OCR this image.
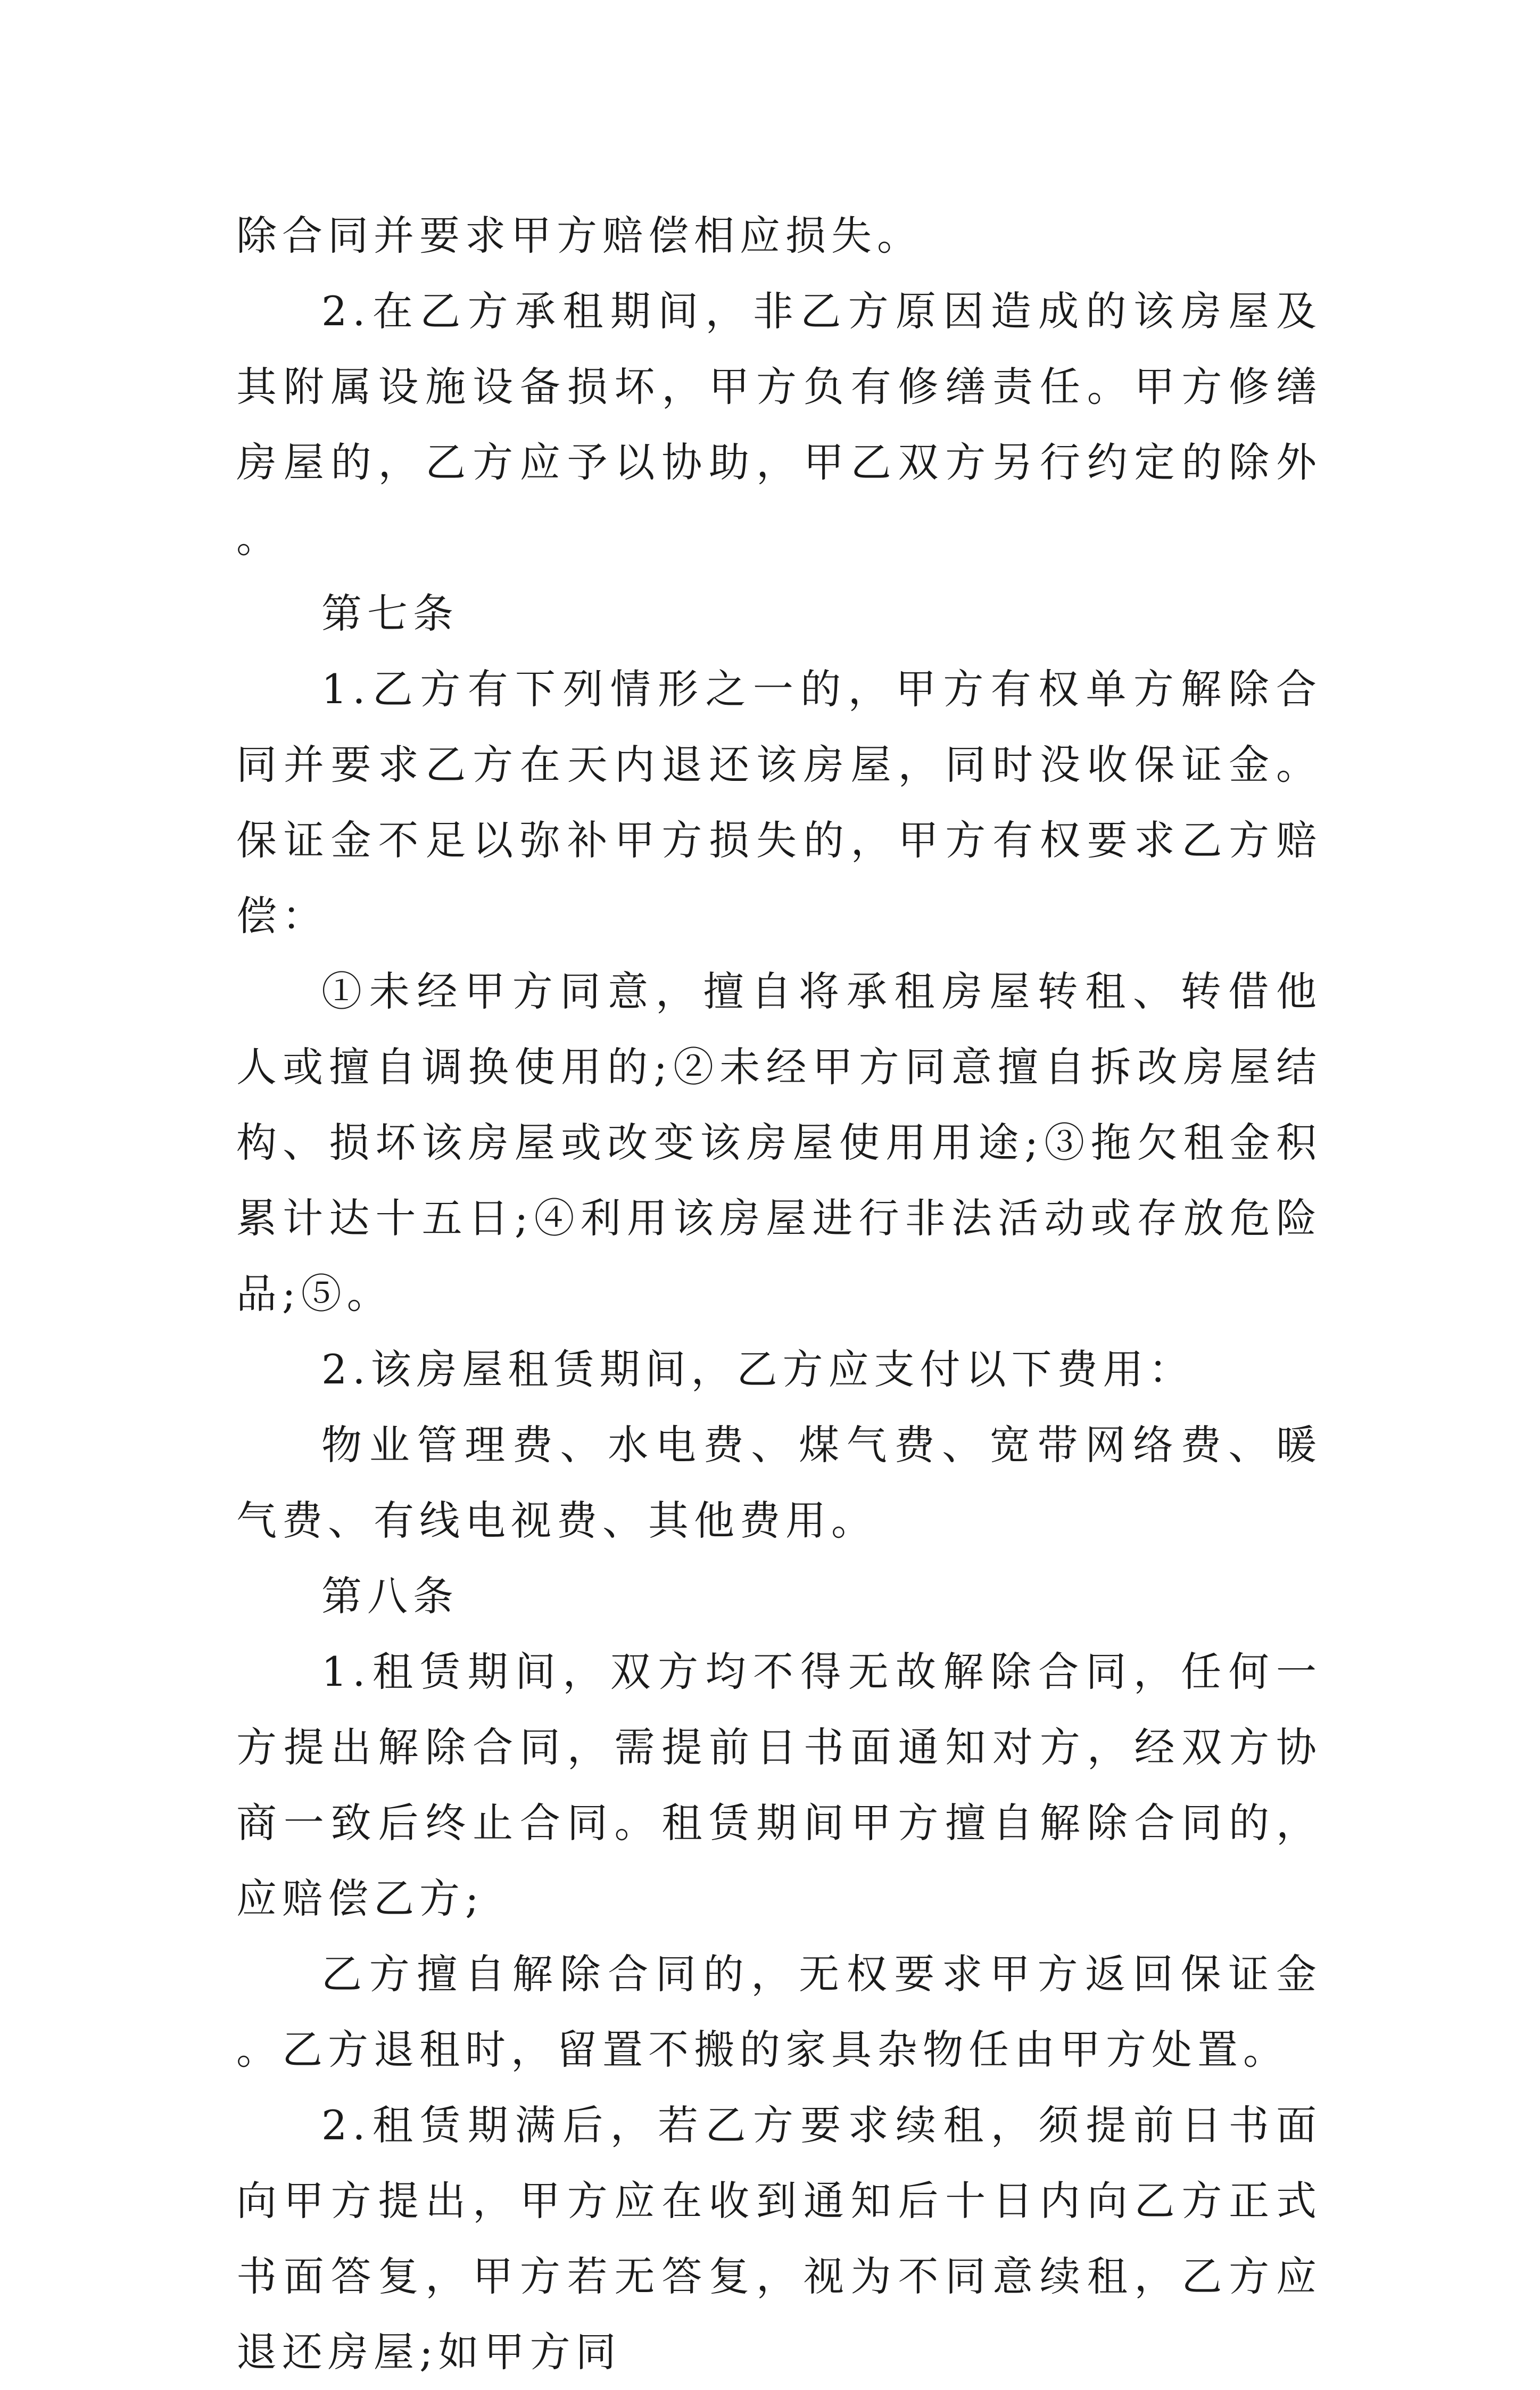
除合同并要求甲方赔偿相应损失。

2.在乙方承租期间，非乙方原因造成的该房屋及其附属设施设备损坏，甲方负有修缮责任。甲方修缮房屋的，乙方应予以协助，甲乙双方另行约定的除外。

第七条

1.乙方有下列情形之一的，甲方有权单方解除合同并要求乙方在天内退还该房屋，同时没收保证金。保证金不足以弥补甲方损失的，甲方有权要求乙方赔偿：

①未经甲方同意，擅自将承租房屋转租、转借他人或擅自调换使用的;②未经甲方同意擅自拆改房屋结构、损坏该房屋或改变该房屋使用用途;③拖欠租金积累计达十五日;④利用该房屋进行非法活动或存放危险品;⑤。

2.该房屋租赁期间，乙方应支付以下费用：

物业管理费、水电费、煤气费、宽带网络费、暖气费、有线电视费、其他费用。

第八条

1.租赁期间，双方均不得无故解除合同，任何一方提出解除合同，需提前日书面通知对方，经双方协商一致后终止合同。租赁期间甲方擅自解除合同的，应赔偿乙方;

乙方擅自解除合同的，无权要求甲方返回保证金。乙方退租时，留置不搬的家具杂物任由甲方处置。

2.租赁期满后，若乙方要求续租，须提前日书面向甲方提出，甲方应在收到通知后十日内向乙方正式书面答复，甲方若无答复，视为不同意续租，乙方应退还房屋;如甲方同
